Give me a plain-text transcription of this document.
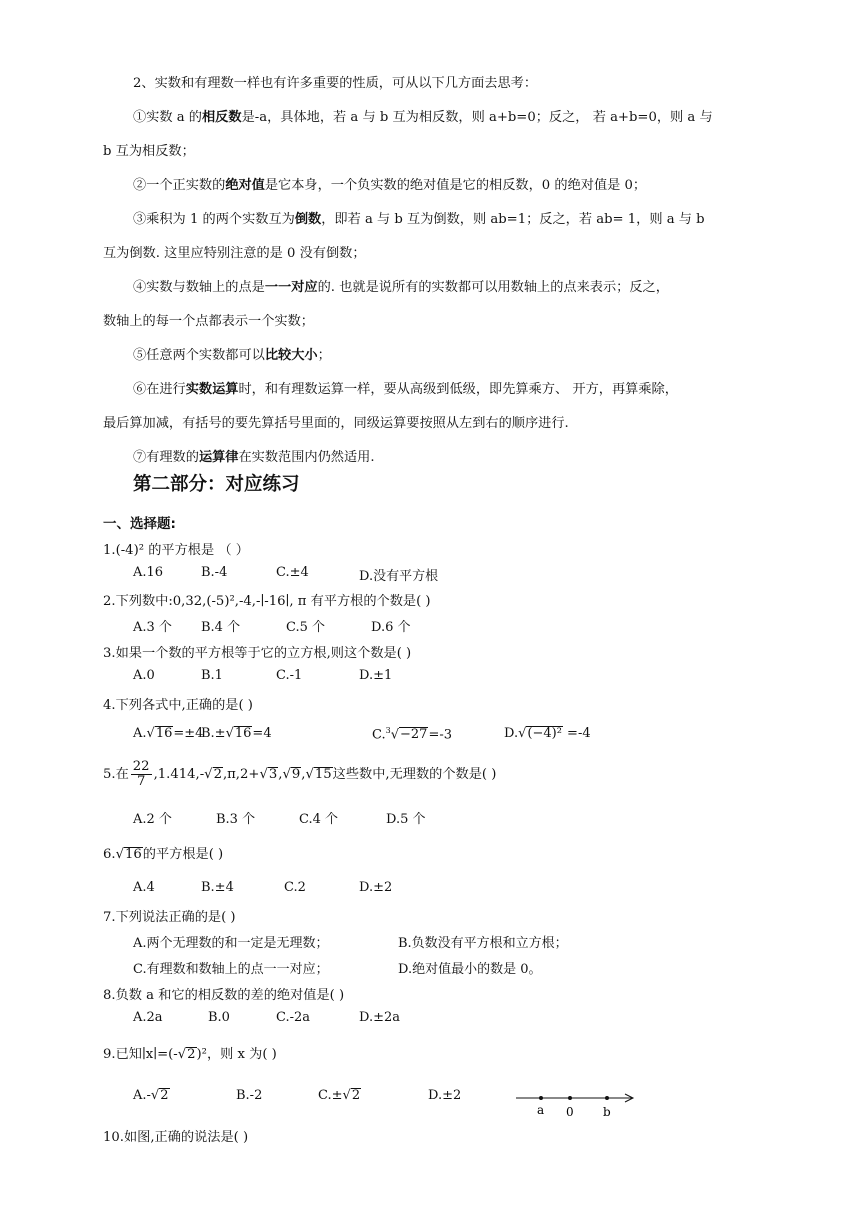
2、实数和有理数一样也有许多重要的性质，可从以下几方面去思考：
①实数 a 的相反数是-a，具体地，若 a 与 b 互为相反数，则 a+b=0；反之， 若 a+b=0，则 a 与
b 互为相反数；
②一个正实数的绝对值是它本身，一个负实数的绝对值是它的相反数，0 的绝对值是 0；
③乘积为 1 的两个实数互为倒数，即若 a 与 b 互为倒数，则 ab=1；反之，若 ab= 1，则 a 与 b
互为倒数. 这里应特别注意的是 0 没有倒数；
④实数与数轴上的点是一一对应的. 也就是说所有的实数都可以用数轴上的点来表示；反之，
数轴上的每一个点都表示一个实数；
⑤任意两个实数都可以比较大小；
⑥在进行实数运算时，和有理数运算一样，要从高级到低级，即先算乘方、 开方，再算乘除，
最后算加减，有括号的要先算括号里面的，同级运算要按照从左到右的顺序进行.
⑦有理数的运算律在实数范围内仍然适用.
第二部分：对应练习
一、选择题:
1.(-4)² 的平方根是 （ ）
A.16	B.-4	C.±4	D.没有平方根
2.下列数中:0,32,(-5)²,-4,-∣-16∣, π 有平方根的个数是( )
A.3 个 B.4 个	C.5 个	D.6 个
3.如果一个数的平方根等于它的立方根,则这个数是( )
A.0	B.1	C.-1	D.±1
4.下列各式中,正确的是( )
A.√16=±4
B.±√16=4	C.$^3$√−27=-3	D.√(−4)² =-4
5.在 $\frac{22}{7} ,1.414,-√2,\pi,2+√3,√9,√15$这些数中,无理数的个数是( )
A.2 个	B.3 个	C.4 个	D.5 个
6.√16的平方根是( )
A.4	B.±4	C.2	D.±2
7.下列说法正确的是( )
A.两个无理数的和一定是无理数；	B.负数没有平方根和立方根；
C.有理数和数轴上的点一一对应；	D.绝对值最小的数是 0。
8.负数 a 和它的相反数的差的绝对值是( )
A.2a	B.0	C.-2a	D.±2a
9.已知∣x∣=(-√2)²，则 x 为( )
A.-√2	B.-2	C.±√2	D.±2
a 0 b
10.如图,正确的说法是( )
